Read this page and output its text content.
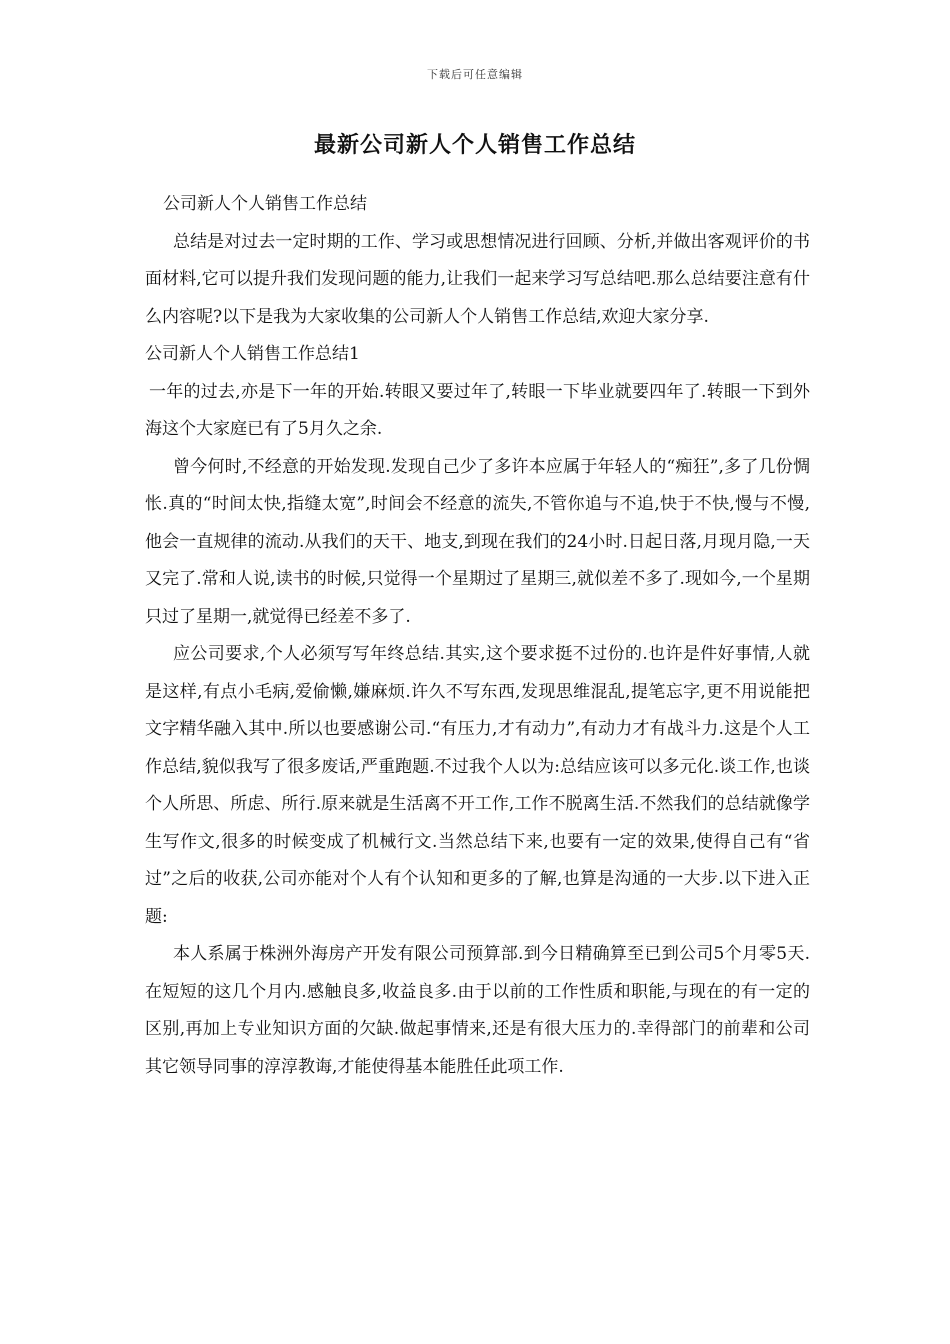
下载后可任意编辑
最新公司新人个人销售工作总结

公司新人个人销售工作总结

总结是对过去一定时期的工作、学习或思想情况进行回顾、分析,并做出客观评价的书面材料,它可以提升我们发现问题的能力,让我们一起来学习写总结吧.那么总结要注意有什么内容呢?以下是我为大家收集的公司新人个人销售工作总结,欢迎大家分享.

公司新人个人销售工作总结1

一年的过去,亦是下一年的开始.转眼又要过年了,转眼一下毕业就要四年了.转眼一下到外海这个大家庭已有了5月久之余.

曾今何时,不经意的开始发现.发现自己少了多许本应属于年轻人的“痴狂”,多了几份惆怅.真的“时间太快,指缝太宽”,时间会不经意的流失,不管你追与不追,快于不快,慢与不慢,他会一直规律的流动.从我们的天干、地支,到现在我们的24小时.日起日落,月现月隐,一天又完了.常和人说,读书的时候,只觉得一个星期过了星期三,就似差不多了.现如今,一个星期只过了星期一,就觉得已经差不多了.

应公司要求,个人必须写写年终总结.其实,这个要求挺不过份的.也许是件好事情,人就是这样,有点小毛病,爱偷懒,嫌麻烦.许久不写东西,发现思维混乱,提笔忘字,更不用说能把文字精华融入其中.所以也要感谢公司.“有压力,才有动力”,有动力才有战斗力.这是个人工作总结,貌似我写了很多废话,严重跑题.不过我个人以为:总结应该可以多元化.谈工作,也谈个人所思、所虑、所行.原来就是生活离不开工作,工作不脱离生活.不然我们的总结就像学生写作文,很多的时候变成了机械行文.当然总结下来,也要有一定的效果,使得自己有“省过”之后的收获,公司亦能对个人有个认知和更多的了解,也算是沟通的一大步.以下进入正题:

本人系属于株洲外海房产开发有限公司预算部.到今日精确算至已到公司5个月零5天.在短短的这几个月内.感触良多,收益良多.由于以前的工作性质和职能,与现在的有一定的区别,再加上专业知识方面的欠缺.做起事情来,还是有很大压力的.幸得部门的前辈和公司其它领导同事的淳淳教诲,才能使得基本能胜任此项工作.
